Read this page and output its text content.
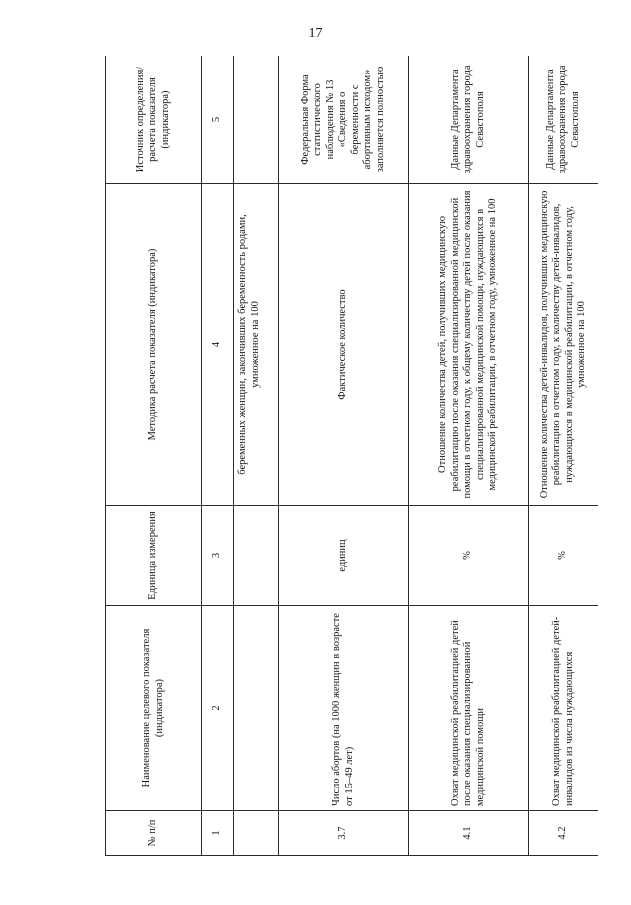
17
№ п/п	Наименование целевого показателя (индикатора)	Единица измерения	Методика расчета показателя (индикатора)	Источник определения/ расчета показателя (индикатора)
1	2	3	4	5
			беременных женщин, закончивших беременность родами, умноженное на 100	
3.7	Число абортов (на 1000 женщин в возрасте от 15–49 лет)	единиц	Фактическое количество	Федеральная Форма статистического наблюдения № 13 «Сведения о беременности с абортивным исходом» заполняется полностью
4.1	Охват медицинской реабилитацией детей после оказания специализированной медицинской помощи	%	Отношение количества детей, получивших медицинскую реабилитацию после оказания специализированной медицинской помощи в отчетном году, к общему количеству детей после оказания специализированной медицинской помощи, нуждающихся в медицинской реабилитации, в отчетном году, умноженное на 100	Данные Департамента здравоохранения города Севастополя
4.2	Охват медицинской реабилитацией детей-инвалидов из числа нуждающихся	%	Отношение количества детей-инвалидов, получивших медицинскую реабилитацию в отчетном году, к количеству детей-инвалидов, нуждающихся в медицинской реабилитации, в отчетном году, умноженное на 100	Данные Департамента здравоохранения города Севастополя
